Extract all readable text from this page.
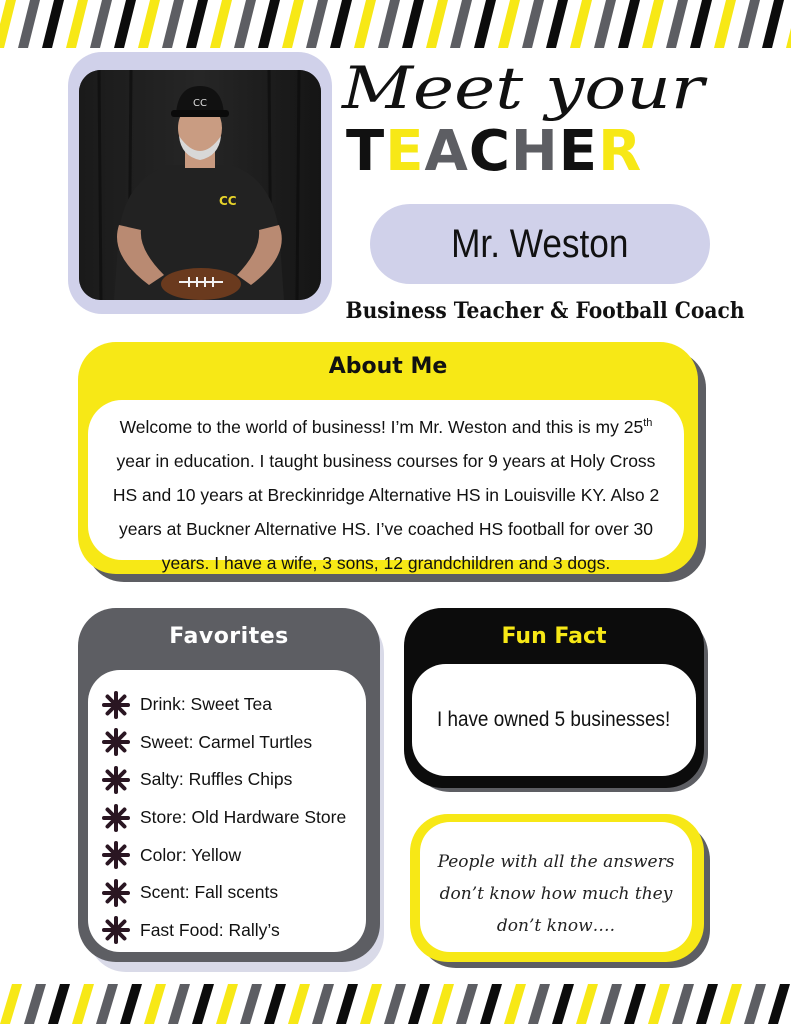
CC
CC
Meet your
TEACHER
Mr. Weston
Business Teacher & Football Coach
About Me

Welcome to the world of business! I’m Mr. Weston and this is my 25th year in education. I taught business courses for 9 years at Holy Cross HS and 10 years at Breckinridge Alternative HS in Louisville KY. Also 2 years at Buckner Alternative HS. I’ve coached HS football for over 30 years. I have a wife, 3 sons, 12 grandchildren and 3 dogs.

Favorites
Drink: Sweet Tea
Sweet: Carmel Turtles
Salty: Ruffles Chips
Store: Old Hardware Store
Color: Yellow
Scent: Fall scents
Fast Food: Rally’s
Fun Fact
I have owned 5 businesses!
People with all the answers
don’t know how much they
don’t know….
